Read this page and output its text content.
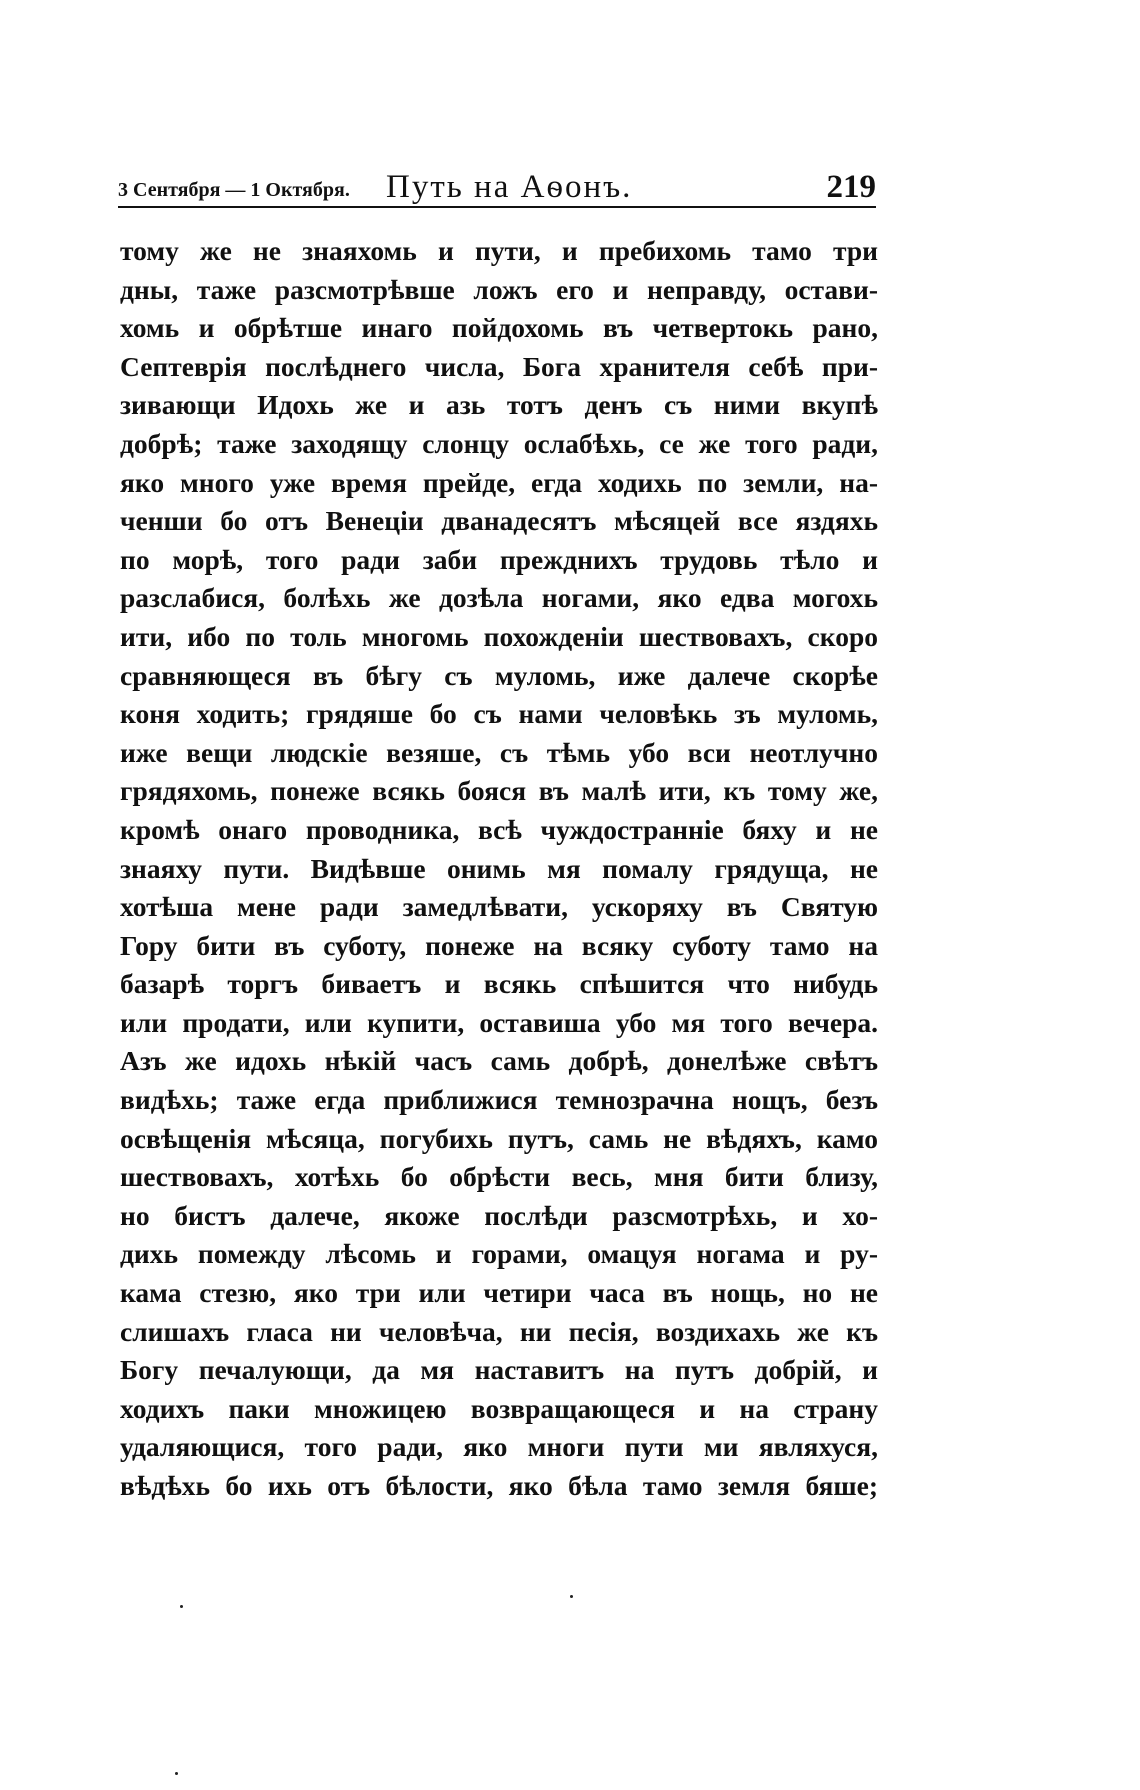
3 Сентября — 1 Октября. Путь на Аѳонъ.	219
тому же не знаяхомь и пути, и пребихомь тамо три
дны, таже разсмотрѣвше ложъ его и неправду, остави-
хомь и обрѣтше инаго пойдохомь въ четвертокь рано,
Септеврія послѣднего числа, Бога хранителя себѣ при-
зивающи Идохь же и азь тотъ денъ съ ними вкупѣ
добрѣ; таже заходящу слонцу ослабѣхь, се же того ради,
яко много уже время прейде, егда ходихь по земли, на-
ченши бо отъ Венеціи дванадесятъ мѣсяцей все яздяхь
по морѣ, того ради заби прежднихъ трудовь тѣло и
разслабися, болѣхь же дозѣла ногами, яко едва могохь
ити, ибо по толь многомь похожденіи шествовахъ, скоро
сравняющеся въ бѣгу съ муломь, иже далече скорѣе
коня ходить; грядяше бо съ нами человѣкь зъ муломь,
иже вещи людскіе везяше, съ тѣмь убо вси неотлучно
грядяхомь, понеже всякь бояся въ малѣ ити, къ тому же,
кромѣ онаго проводника, всѣ чуждостранніе бяху и не
знаяху пути. Видѣвше онимь мя помалу грядуща, не
хотѣша мене ради замедлѣвати, ускоряху въ Святую
Гору бити въ суботу, понеже на всяку суботу тамо на
базарѣ торгъ биваетъ и всякь спѣшится что нибудь
или продати, или купити, оставиша убо мя того вечера.
Азъ же идохь нѣкій часъ самь добрѣ, донелѣже свѣтъ
видѣхь; таже егда приближися темнозрачна нощъ, безъ
освѣщенія мѣсяца, погубихь путъ, самь не вѣдяхъ, камо
шествовахъ, хотѣхь бо обрѣсти весь, мня бити близу,
но бистъ далече, якоже послѣди разсмотрѣхь, и хо-
дихь помежду лѣсомь и горами, омацуя ногама и ру-
кама стезю, яко три или четири часа въ нощь, но не
слишахъ гласа ни человѣча, ни песія, воздихахь же къ
Богу печалующи, да мя наставитъ на путъ добрій, и
ходихъ паки множицею возвращающеся и на страну
удаляющися, того ради, яко многи пути ми являхуся,
вѣдѣхь бо ихь отъ бѣлости, яко бѣла тамо земля бяше;
